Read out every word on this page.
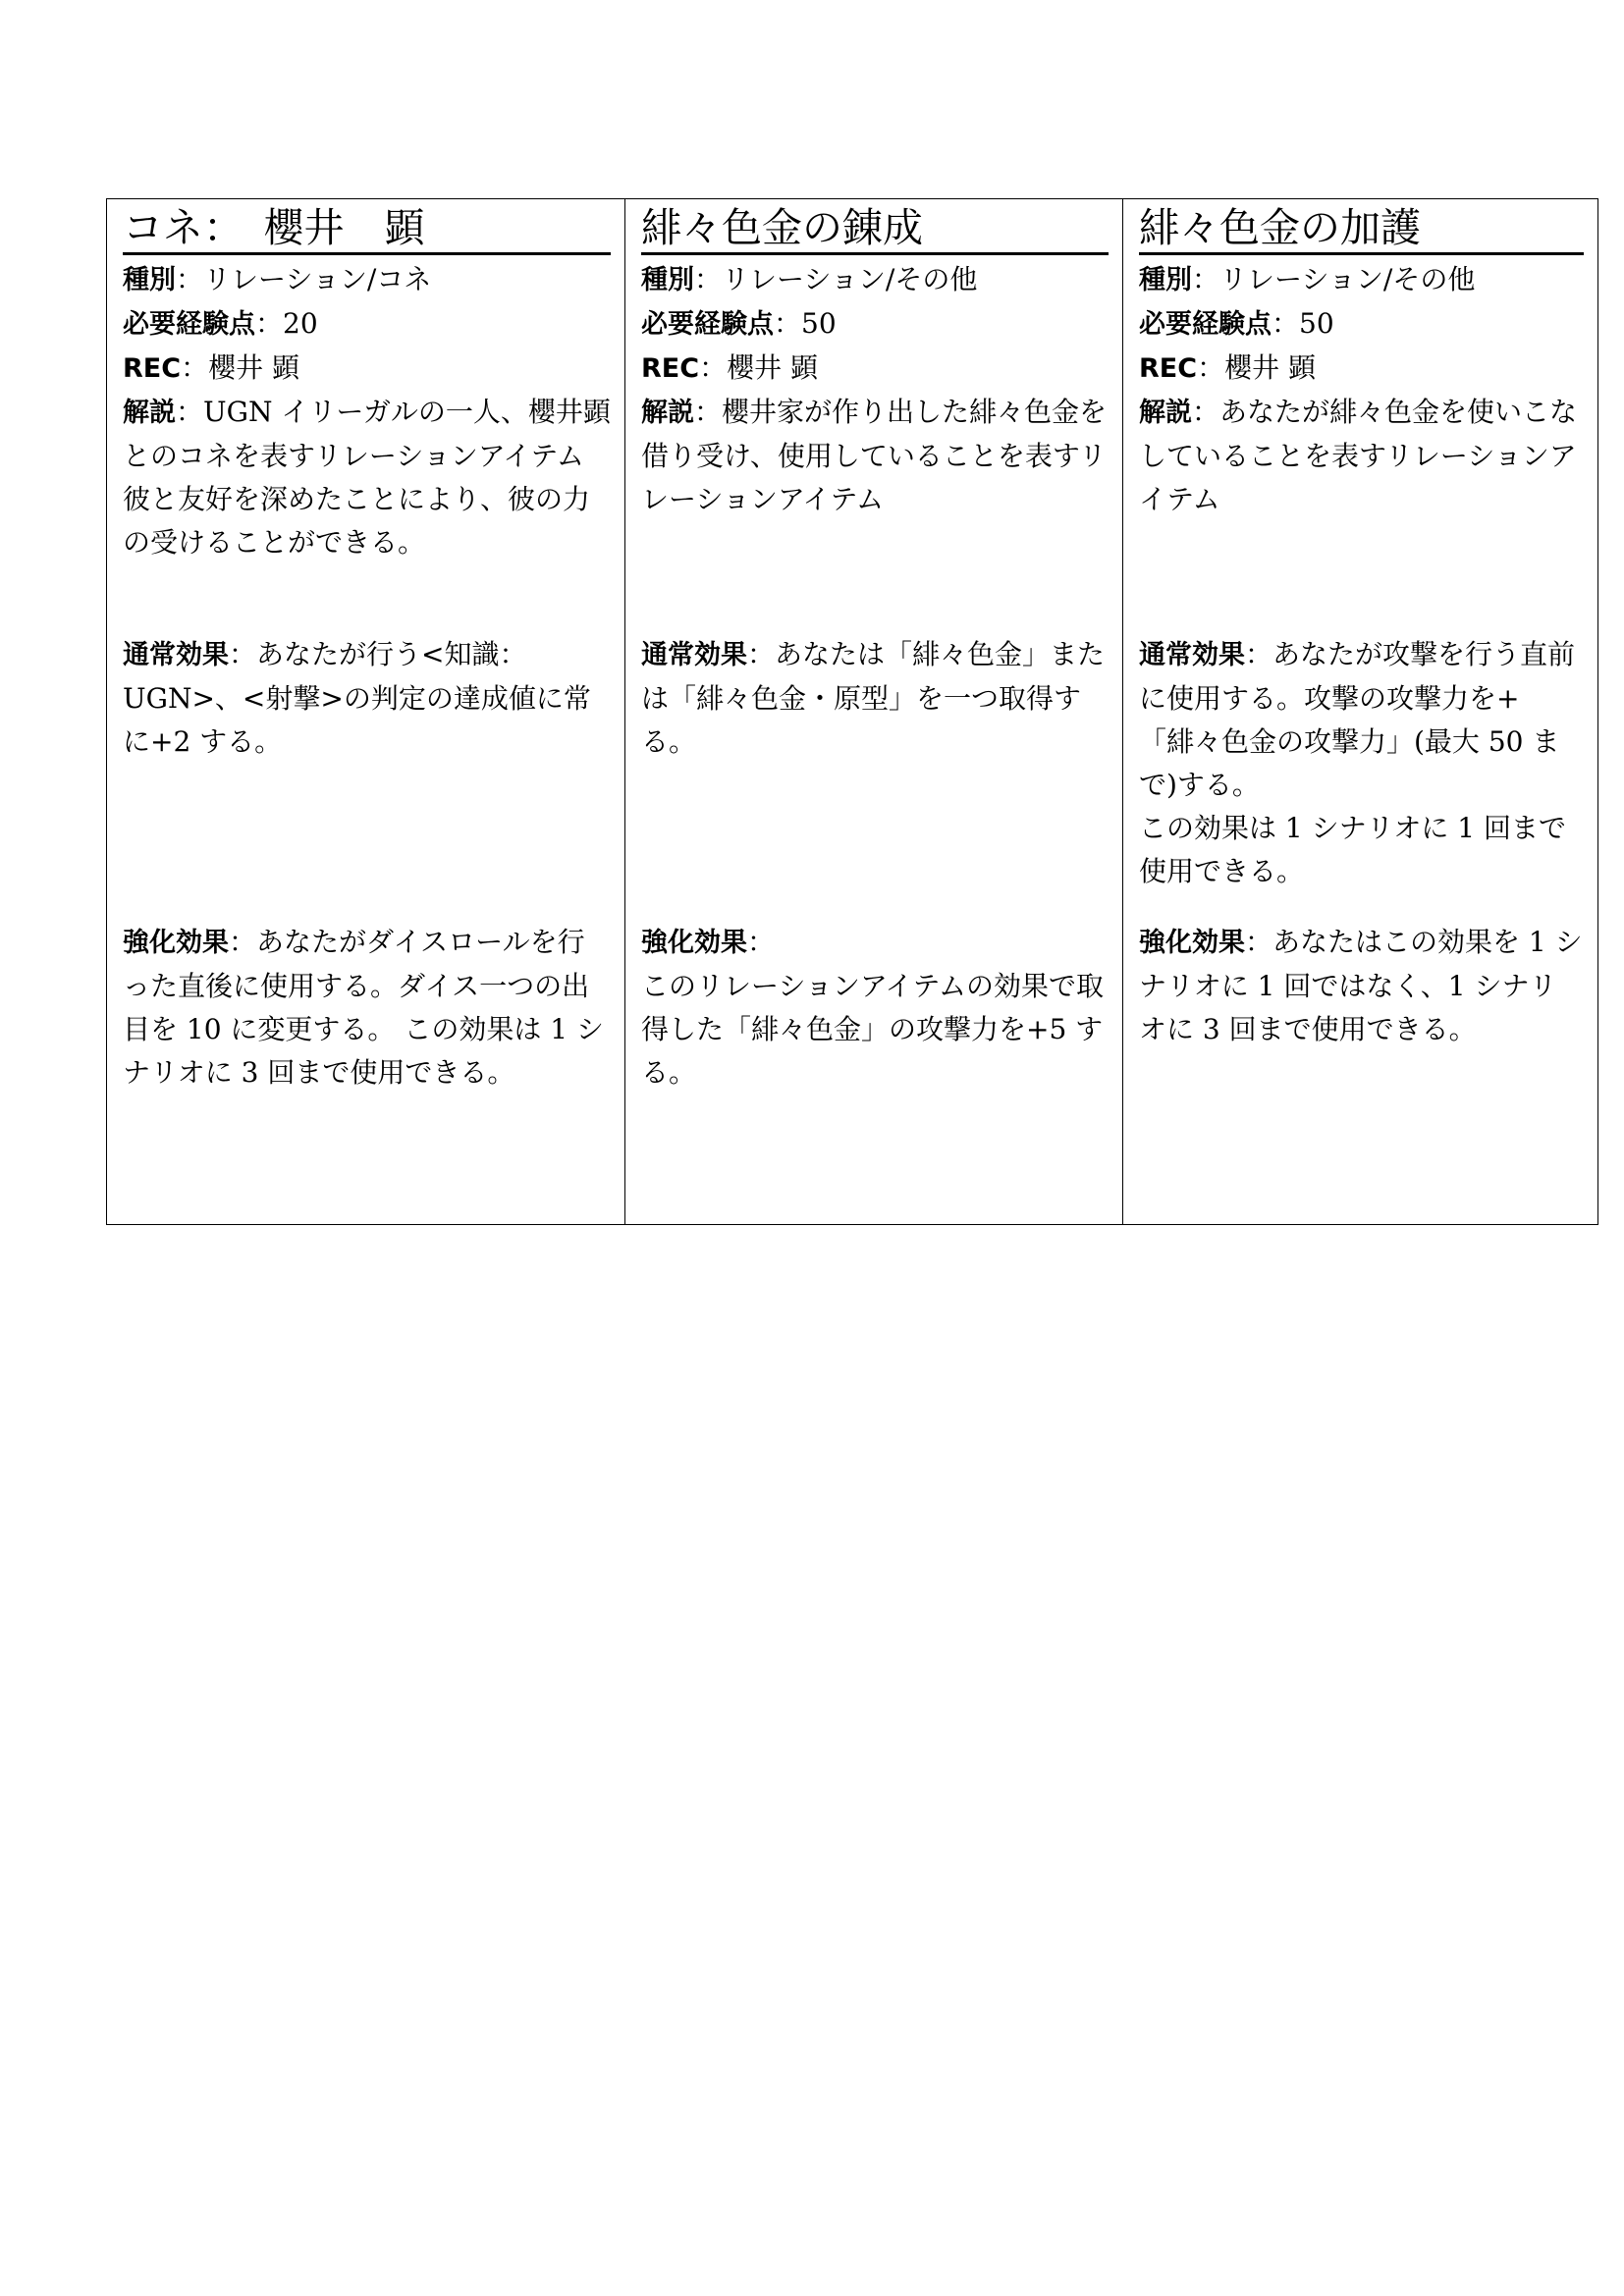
コネ：　櫻井　顕
種別：リレーション/コネ
必要経験点：20
REC：櫻井 顕
解説：UGN イリーガルの一人、櫻井顕とのコネを表すリレーションアイテム
彼と友好を深めたことにより、彼の力の受けることができる。
通常効果：あなたが行う<知識：UGN>、<射撃>の判定の達成値に常に+2 する。
強化効果：あなたがダイスロールを行った直後に使用する。ダイス一つの出目を 10 に変更する。 この効果は 1 シナリオに 3 回まで使用できる。

緋々色金の錬成
種別：リレーション/その他
必要経験点：50
REC：櫻井 顕
解説：櫻井家が作り出した緋々色金を借り受け、使用していることを表すリレーションアイテム
通常効果：あなたは「緋々色金」または「緋々色金・原型」を一つ取得する。
強化効果：
このリレーションアイテムの効果で取得した「緋々色金」の攻撃力を+5 する。

緋々色金の加護
種別：リレーション/その他
必要経験点：50
REC：櫻井 顕
解説：あなたが緋々色金を使いこなしていることを表すリレーションアイテム
通常効果：あなたが攻撃を行う直前に使用する。攻撃の攻撃力を+「緋々色金の攻撃力」(最大 50 まで)する。
この効果は 1 シナリオに 1 回まで使用できる。
強化効果：あなたはこの効果を 1 シナリオに 1 回ではなく、1 シナリオに 3 回まで使用できる。
